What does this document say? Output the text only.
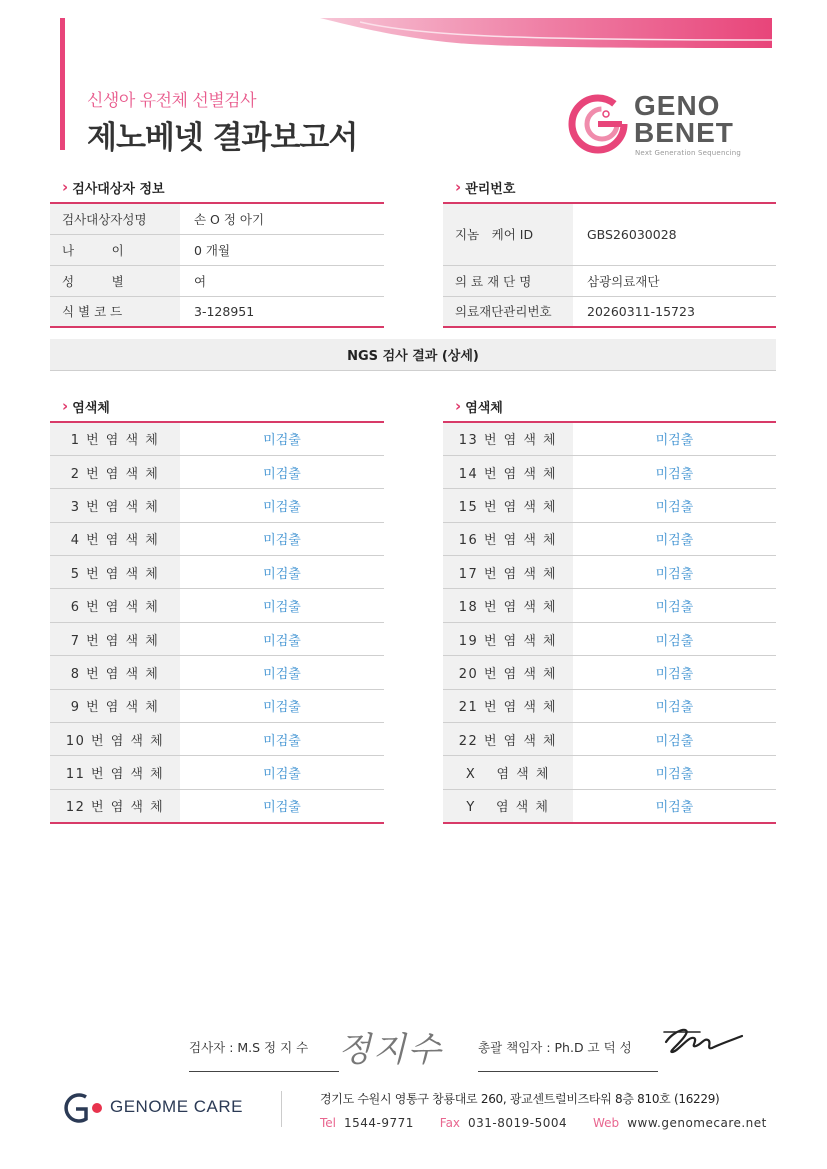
신생아 유전체 선별검사
제노베넷 결과보고서
GENO
BENET
Next Generation Sequencing
› 검사대상자 정보
검사대상자성명	손 O 정 아기
나　　　이	0 개월
성　　　별	여
식 별 코 드	3-128951
› 관리번호
지놈　케어 ID	GBS26030028
의 료 재 단 명	삼광의료재단
의료재단관리번호	20260311-15723
NGS 검사 결과 (상세)
› 염색체	› 염색체
1 번 염 색 체	미검출
2 번 염 색 체	미검출
3 번 염 색 체	미검출
4 번 염 색 체	미검출
5 번 염 색 체	미검출
6 번 염 색 체	미검출
7 번 염 색 체	미검출
8 번 염 색 체	미검출
9 번 염 색 체	미검출
10 번 염 색 체	미검출
11 번 염 색 체	미검출
12 번 염 색 체	미검출
13 번 염 색 체	미검출
14 번 염 색 체	미검출
15 번 염 색 체	미검출
16 번 염 색 체	미검출
17 번 염 색 체	미검출
18 번 염 색 체	미검출
19 번 염 색 체	미검출
20 번 염 색 체	미검출
21 번 염 색 체	미검출
22 번 염 색 체	미검출
X　 염 색 체	미검출
Y　 염 색 체	미검출
검사자 : M.S 정 지 수 정지수	총괄 책임자 : Ph.D 고 덕 성
GENOME CARE	경기도 수원시 영통구 창룡대로 260, 광교센트럴비즈타워 8층 810호 (16229)
Tel 1544-9771 Fax 031-8019-5004 Web www.genomecare.net
